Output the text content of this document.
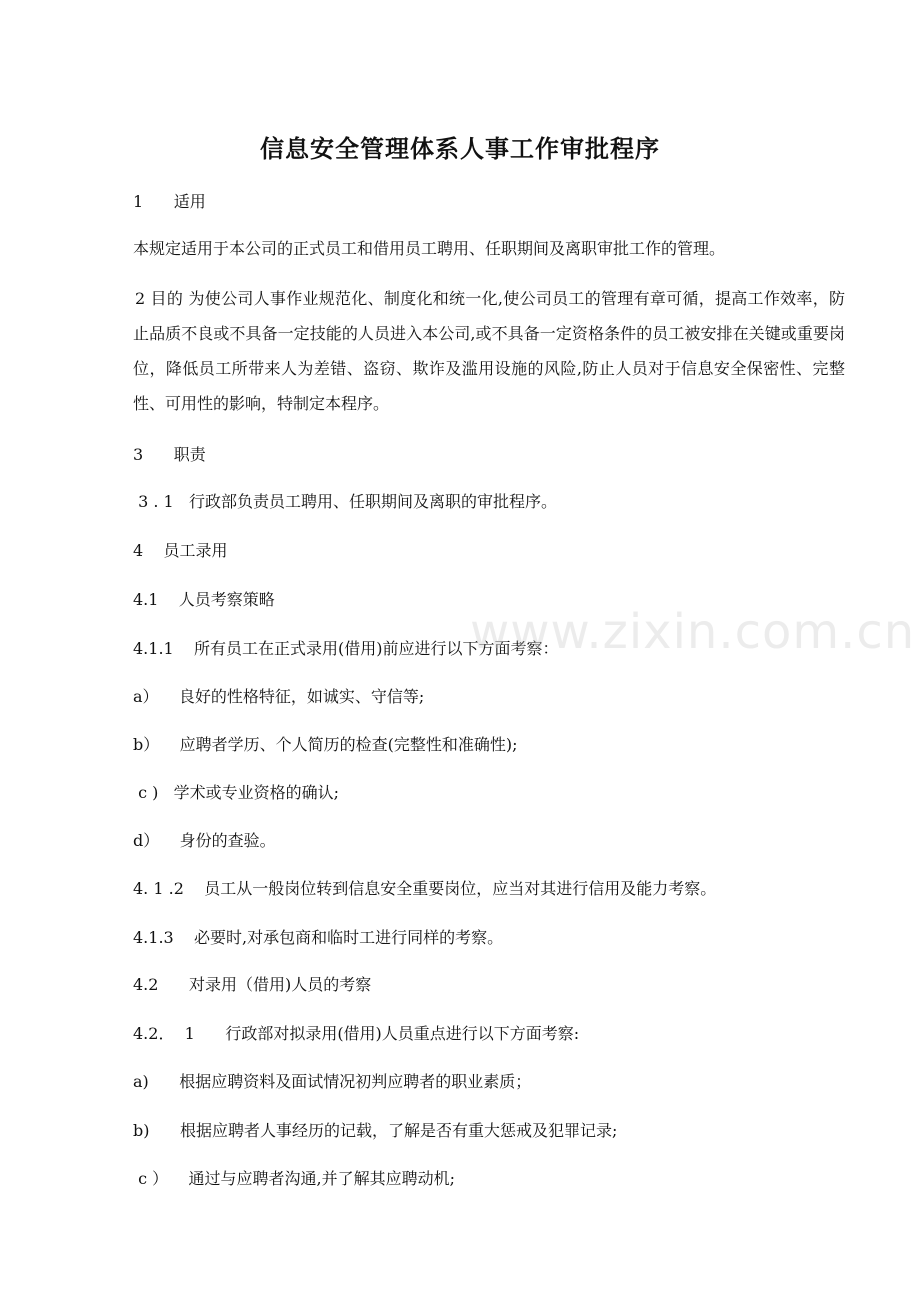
信息安全管理体系人事工作审批程序
1      适用
本规定适用于本公司的正式员工和借用员工聘用、任职期间及离职审批工作的管理。
2 目的 为使公司人事作业规范化、制度化和统一化,使公司员工的管理有章可循，提高工作效率，防止品质不良或不具备一定技能的人员进入本公司,或不具备一定资格条件的员工被安排在关键或重要岗位，降低员工所带来人为差错、盗窃、欺诈及滥用设施的风险,防止人员对于信息安全保密性、完整性、可用性的影响，特制定本程序。
3      职责
3 . 1   行政部负责员工聘用、任职期间及离职的审批程序。
4    员工录用
4.1    人员考察策略
4.1.1    所有员工在正式录用(借用)前应进行以下方面考察：
a）    良好的性格特征，如诚实、守信等;
b）    应聘者学历、个人简历的检查(完整性和准确性);
c )   学术或专业资格的确认;
d）    身份的查验。
4. 1 .2    员工从一般岗位转到信息安全重要岗位，应当对其进行信用及能力考察。
4.1.3    必要时,对承包商和临时工进行同样的考察。
4.2      对录用（借用)人员的考察
4.2．  1      行政部对拟录用(借用)人员重点进行以下方面考察:
a)      根据应聘资料及面试情况初判应聘者的职业素质；
b)      根据应聘者人事经历的记载，了解是否有重大惩戒及犯罪记录;
c ）    通过与应聘者沟通,并了解其应聘动机;
www.zixin.com.cn
